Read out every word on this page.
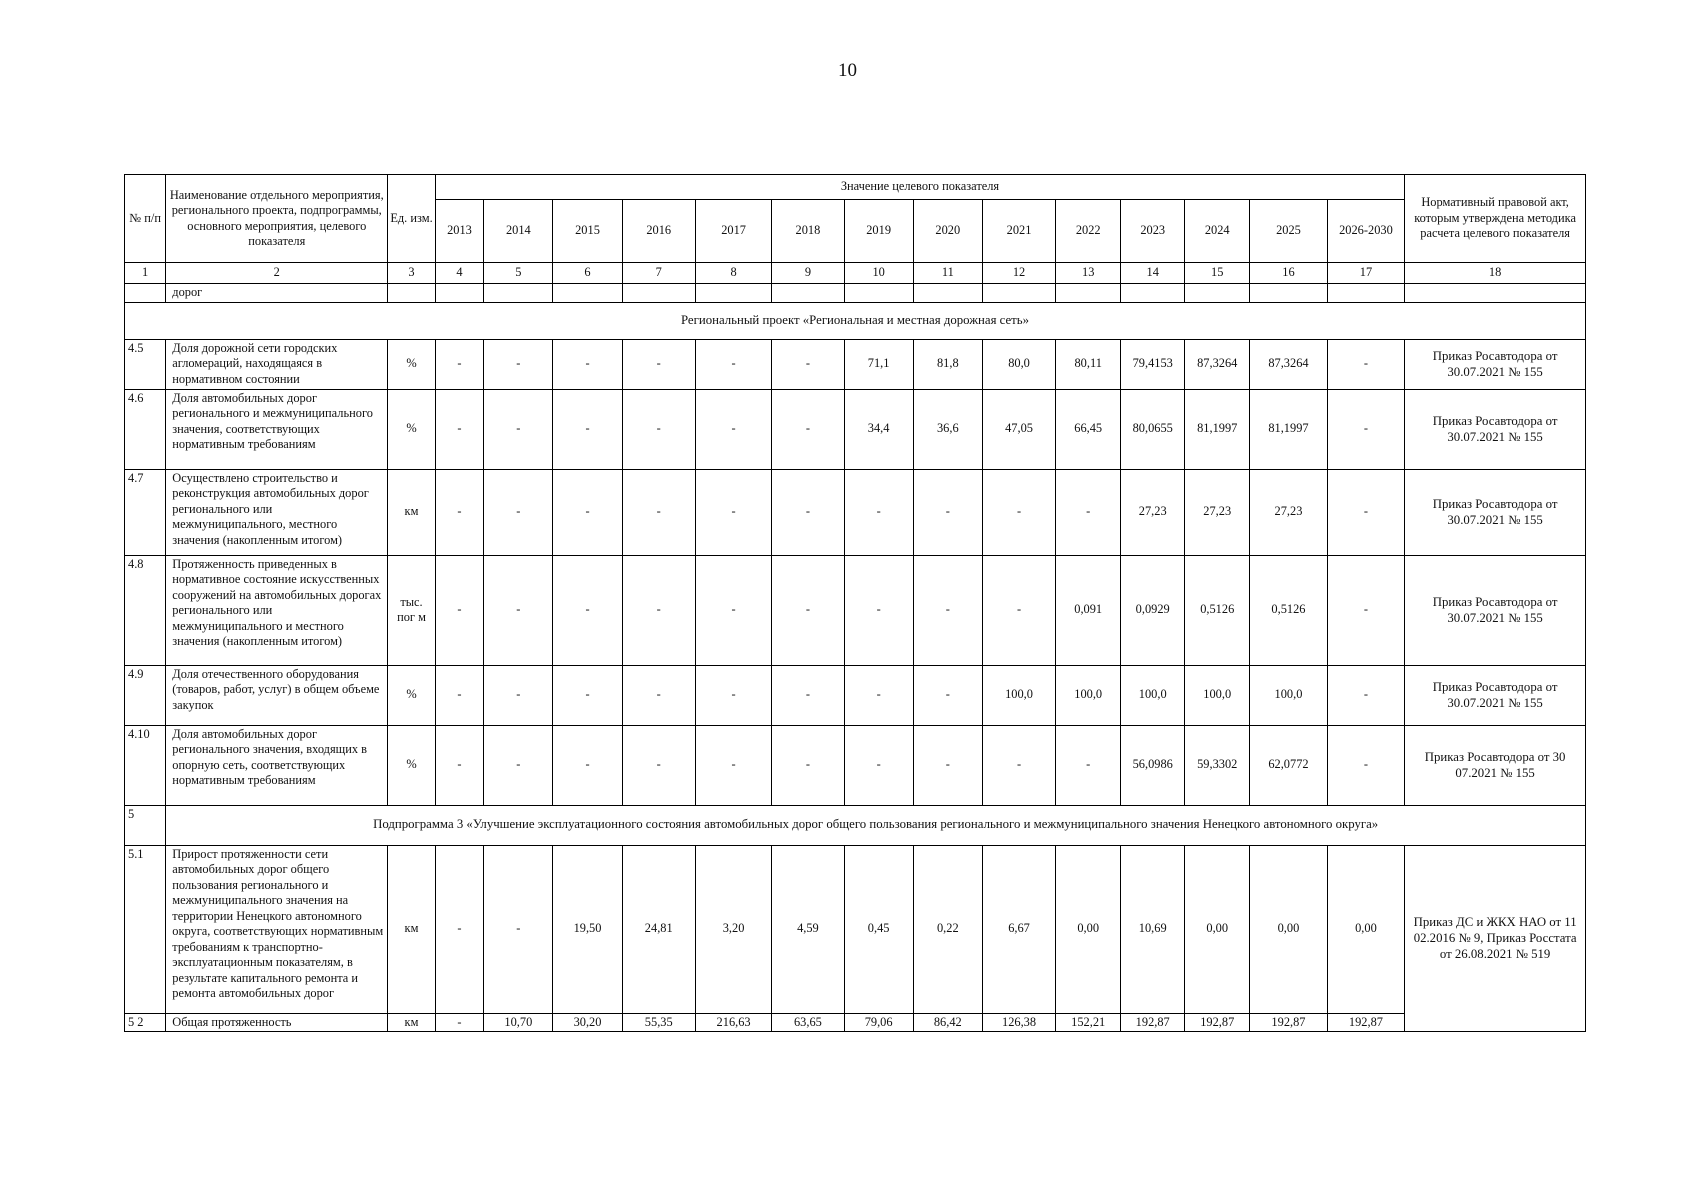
10
№ п/п	Наименование отдельного мероприятия, регионального проекта, подпрограммы, основного мероприятия, целевого показателя	Ед. изм.	Значение целевого показателя														Нормативный правовой акт, которым утверждена методика расчета целевого показателя
			2013	2014	2015	2016	2017	2018	2019	2020	2021	2022	2023	2024	2025	2026-2030	
1	2	3	4	5	6	7	8	9	10	11	12	13	14	15	16	17	18
	дорог																
Региональный проект «Региональная и местная дорожная сеть»																	
4.5	Доля дорожной сети городских агломераций, находящаяся в нормативном состоянии	%	-	-	-	-	-	-	71,1	81,8	80,0	80,11	79,4153	87,3264	87,3264	-	Приказ Росавтодора от 30.07.2021 № 155
4.6	Доля автомобильных дорог регионального и межмуниципального значения, соответствующих нормативным требованиям	%	-	-	-	-	-	-	34,4	36,6	47,05	66,45	80,0655	81,1997	81,1997	-	Приказ Росавтодора от 30.07.2021 № 155
4.7	Осуществлено строительство и реконструкция автомобильных дорог регионального или межмуниципального, местного значения (накопленным итогом)	км	-	-	-	-	-	-	-	-	-	-	27,23	27,23	27,23	-	Приказ Росавтодора от 30.07.2021 № 155
4.8	Протяженность приведенных в нормативное состояние искусственных сооружений на автомобильных дорогах регионального или межмуниципального и местного значения (накопленным итогом)	тыс. пог м	-	-	-	-	-	-	-	-	-	0,091	0,0929	0,5126	0,5126	-	Приказ Росавтодора от 30.07.2021 № 155
4.9	Доля отечественного оборудования (товаров, работ, услуг) в общем объеме закупок	%	-	-	-	-	-	-	-	-	100,0	100,0	100,0	100,0	100,0	-	Приказ Росавтодора от 30.07.2021 № 155
4.10	Доля автомобильных дорог регионального значения, входящих в опорную сеть, соответствующих нормативным требованиям	%	-	-	-	-	-	-	-	-	-	-	56,0986	59,3302	62,0772	-	Приказ Росавтодора от 30 07.2021 № 155
5	Подпрограмма 3 «Улучшение эксплуатационного состояния автомобильных дорог общего пользования регионального и межмуниципального значения Ненецкого автономного округа»																
5.1	Прирост протяженности сети автомобильных дорог общего пользования регионального и межмуниципального значения на территории Ненецкого автономного округа, соответствующих нормативным требованиям к транспортно-эксплуатационным показателям, в результате капитального ремонта и ремонта автомобильных дорог	км	-	-	19,50	24,81	3,20	4,59	0,45	0,22	6,67	0,00	10,69	0,00	0,00	0,00	Приказ ДС и ЖКХ НАО от 11 02.2016 № 9, Приказ Росстата от 26.08.2021 № 519
5 2	Общая протяженность	км	-	10,70	30,20	55,35	216,63	63,65	79,06	86,42	126,38	152,21	192,87	192,87	192,87	192,87	
